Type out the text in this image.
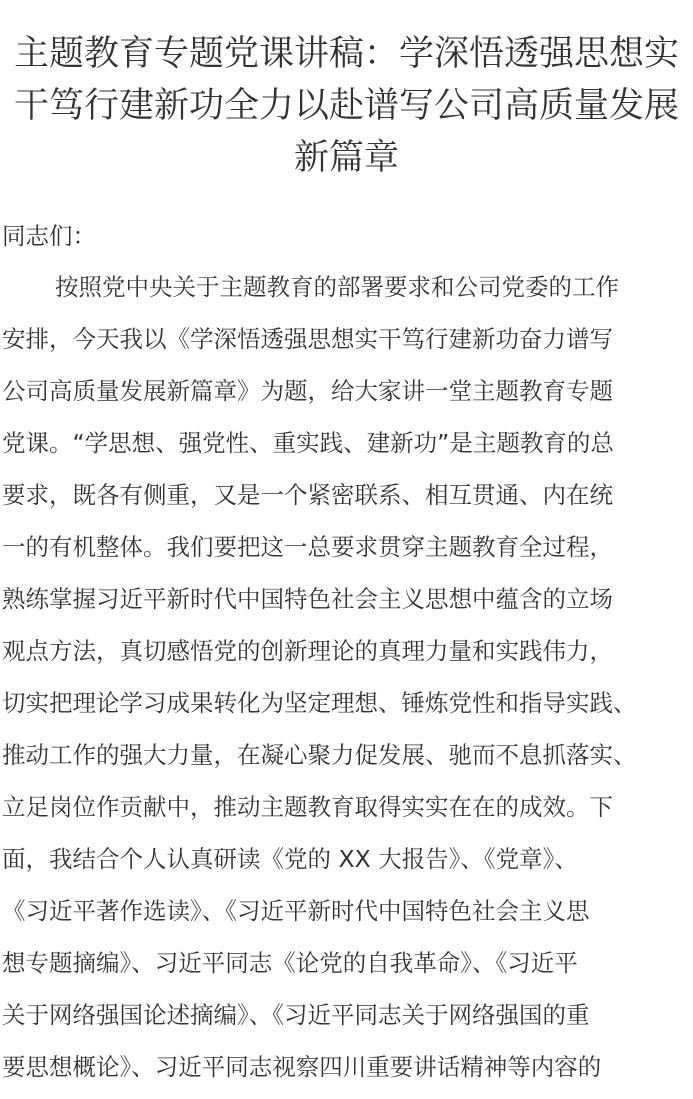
主题教育专题党课讲稿：学深悟透强思想实
干笃行建新功全力以赴谱写公司高质量发展
新篇章
同志们：
按照党中央关于主题教育的部署要求和公司党委的工作
安排，今天我以《学深悟透强思想实干笃行建新功奋力谱写
公司高质量发展新篇章》为题，给大家讲一堂主题教育专题
党课。“学思想、强党性、重实践、建新功”是主题教育的总
要求，既各有侧重，又是一个紧密联系、相互贯通、内在统
一的有机整体。我们要把这一总要求贯穿主题教育全过程，
熟练掌握习近平新时代中国特色社会主义思想中蕴含的立场
观点方法，真切感悟党的创新理论的真理力量和实践伟力，
切实把理论学习成果转化为坚定理想、锤炼党性和指导实践、
推动工作的强大力量，在凝心聚力促发展、驰而不息抓落实、
立足岗位作贡献中，推动主题教育取得实实在在的成效。下
面，我结合个人认真研读《党的 XX 大报告》、《党章》、
《习近平著作选读》、《习近平新时代中国特色社会主义思
想专题摘编》、习近平同志《论党的自我革命》、《习近平
关于网络强国论述摘编》、《习近平同志关于网络强国的重
要思想概论》、习近平同志视察四川重要讲话精神等内容的
